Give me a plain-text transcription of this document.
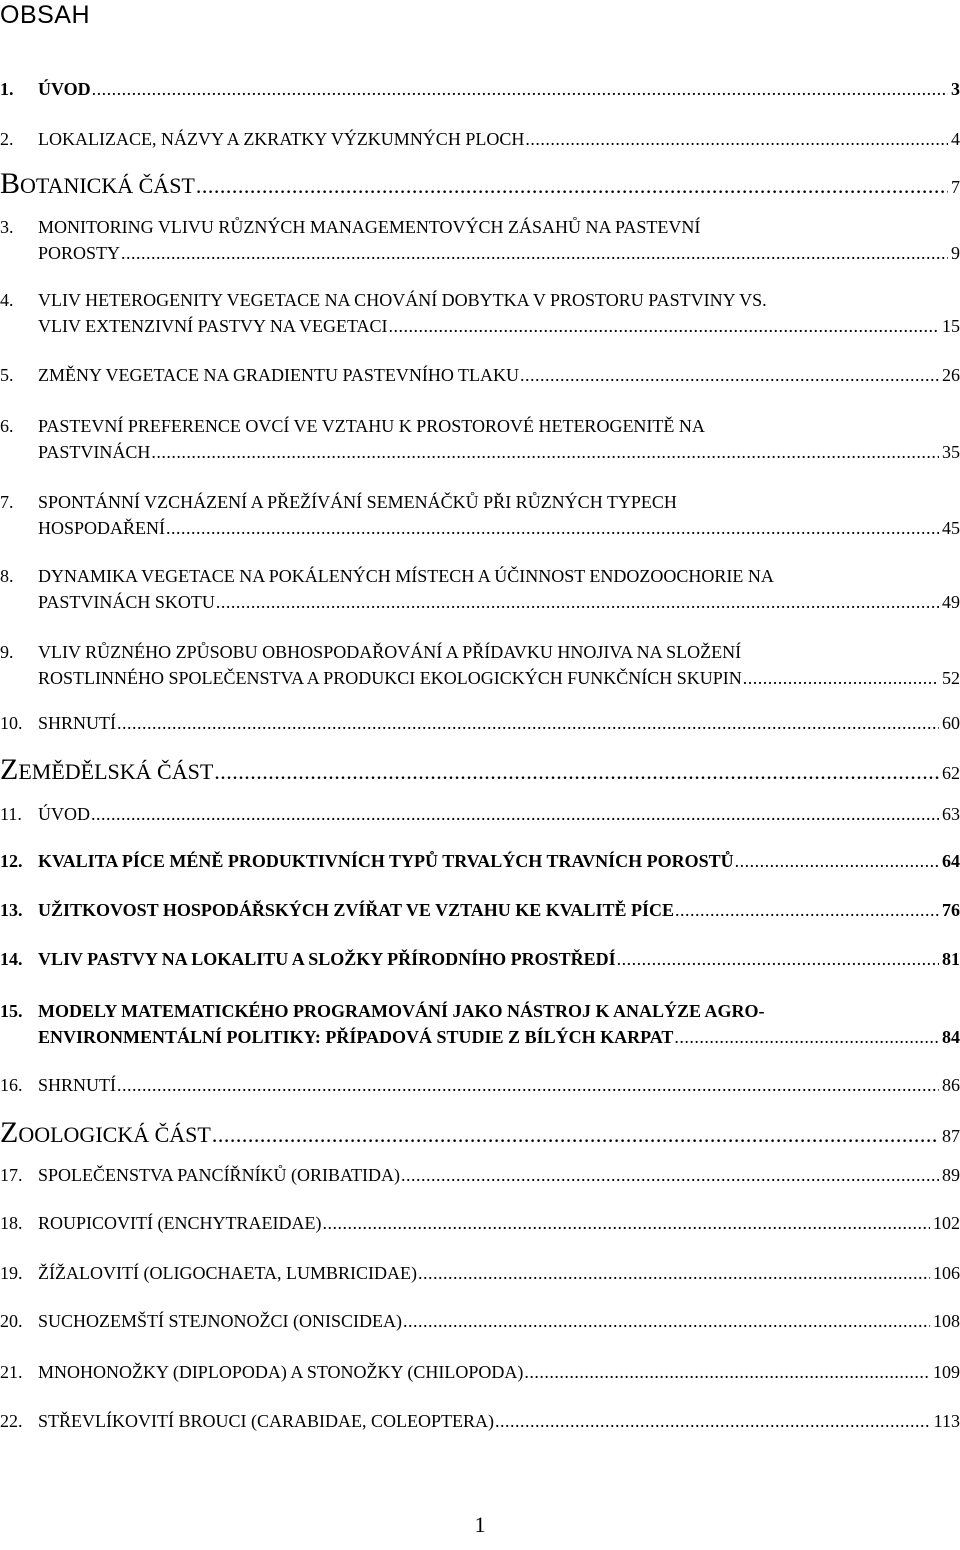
OBSAH
1.	ÚVOD .....	3
2.	LOKALIZACE, NÁZVY A ZKRATKY VÝZKUMNÝCH PLOCH .....	4
BOTANICKÁ ČÁST .....	7
3.	MONITORING VLIVU RŮZNÝCH MANAGEMENTOVÝCH ZÁSAHŮ NA PASTEVNÍ
POROSTY .....	9
4.	VLIV HETEROGENITY VEGETACE NA CHOVÁNÍ DOBYTKA V PROSTORU PASTVINY VS.
VLIV EXTENZIVNÍ PASTVY NA VEGETACI .....	15
5.	ZMĚNY VEGETACE NA GRADIENTU PASTEVNÍHO TLAKU .....	26
6.	PASTEVNÍ PREFERENCE OVCÍ VE VZTAHU K PROSTOROVÉ HETEROGENITĚ NA
PASTVINÁCH .....	35
7.	SPONTÁNNÍ VZCHÁZENÍ A PŘEŽÍVÁNÍ SEMENÁČKŮ PŘI RŮZNÝCH TYPECH
HOSPODAŘENÍ .....	45
8.	DYNAMIKA VEGETACE NA POKÁLENÝCH MÍSTECH A ÚČINNOST ENDOZOOCHORIE NA
PASTVINÁCH SKOTU .....	49
9.	VLIV RŮZNÉHO ZPŮSOBU OBHOSPODAŘOVÁNÍ A PŘÍDAVKU HNOJIVA NA SLOŽENÍ
ROSTLINNÉHO SPOLEČENSTVA A PRODUKCI EKOLOGICKÝCH FUNKČNÍCH SKUPIN .....	52
10. SHRNUTÍ .....	60
ZEMĚDĚLSKÁ ČÁST .....	62
11. ÚVOD .....	63
12. KVALITA PÍCE MÉNĚ PRODUKTIVNÍCH TYPŮ TRVALÝCH TRAVNÍCH POROSTŮ .....	64
13. UŽITKOVOST HOSPODÁŘSKÝCH ZVÍŘAT VE VZTAHU KE KVALITĚ PÍCE .....	76
14. VLIV PASTVY NA LOKALITU A SLOŽKY PŘÍRODNÍHO PROSTŘEDÍ .....	81
15. MODELY MATEMATICKÉHO PROGRAMOVÁNÍ JAKO NÁSTROJ K ANALÝZE AGRO-
ENVIRONMENTÁLNÍ POLITIKY: PŘÍPADOVÁ STUDIE Z BÍLÝCH KARPAT .....	84
16. SHRNUTÍ .....	86
ZOOLOGICKÁ ČÁST .....	87
17. SPOLEČENSTVA PANCÍŘNÍKŮ (ORIBATIDA) .....	89
18. ROUPICOVITÍ (ENCHYTRAEIDAE) .....	102
19. ŽÍŽALOVITÍ (OLIGOCHAETA, LUMBRICIDAE) .....	106
20. SUCHOZEMŠTÍ STEJNONOŽCI (ONISCIDEA) .....	108
21. MNOHONOŽKY (DIPLOPODA) A STONOŽKY (CHILOPODA) .....	109
22. STŘEVLÍKOVITÍ BROUCI (CARABIDAE, COLEOPTERA) .....	113
1
